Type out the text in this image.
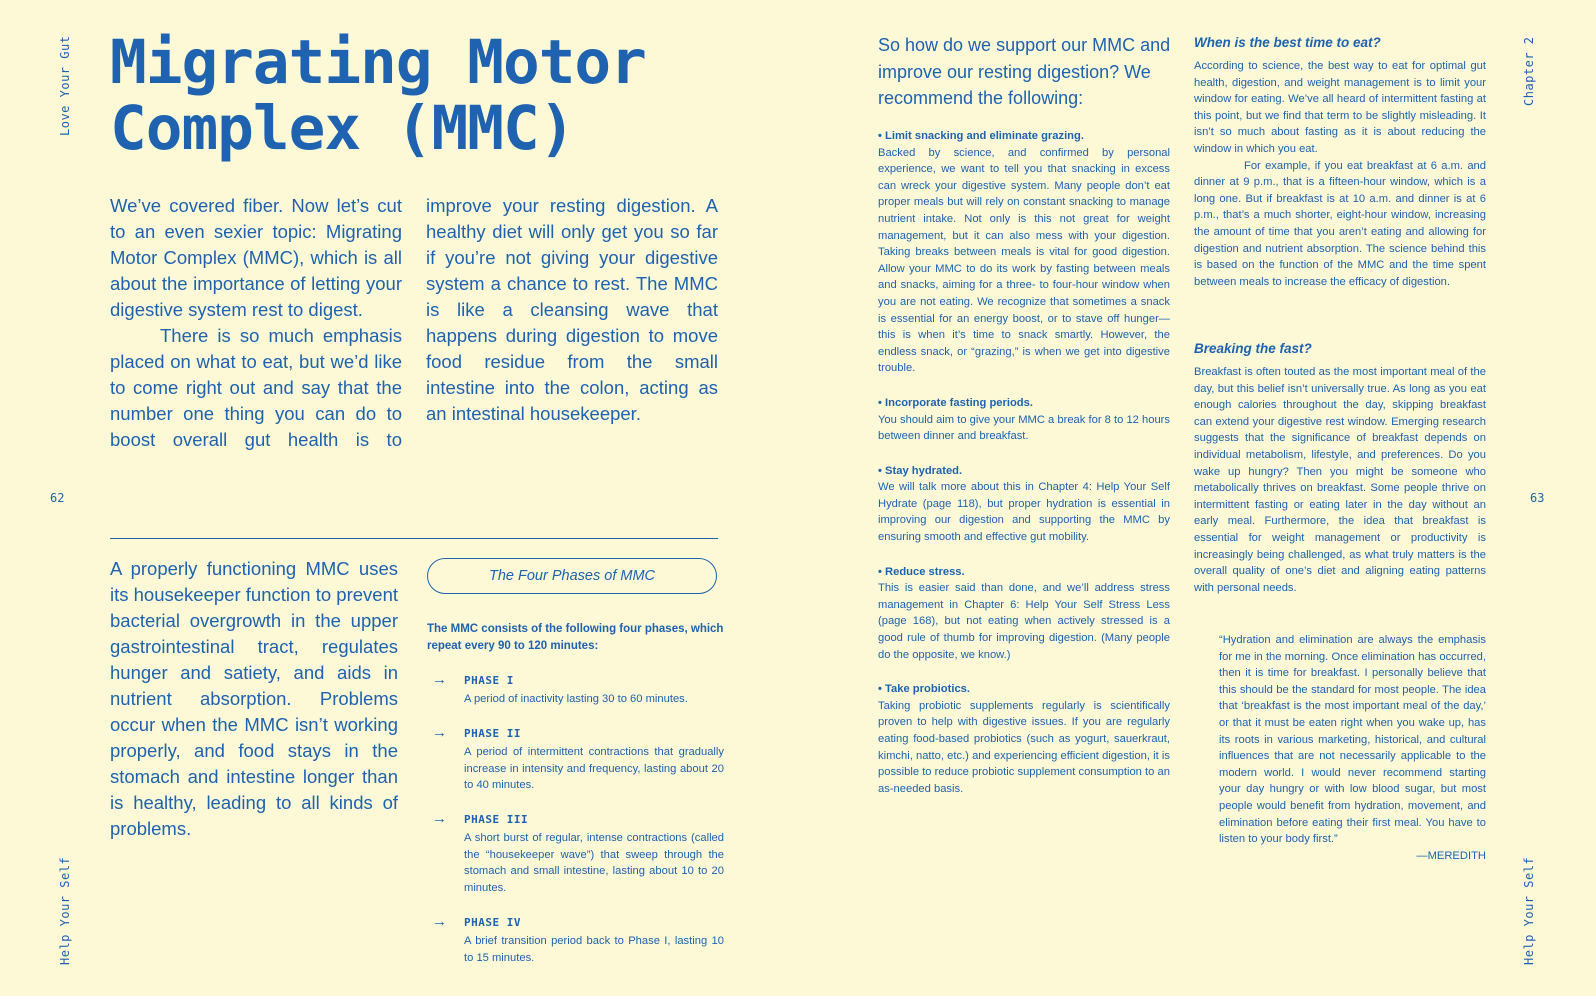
Love Your Gut
Help Your Self
62
Migrating Motor Complex (MMC)

We’ve covered fiber. Now let’s cut to an even sexier topic: Migrating Motor Complex (MMC), which is all about the importance of letting your digestive system rest to digest.

There is so much emphasis placed on what to eat, but we’d like to come right out and say that the number one thing you can do to boost overall gut health is to improve your resting digestion. A healthy diet will only get you so far if you’re not giving your digestive system a chance to rest. The MMC is like a cleansing wave that happens during digestion to move food residue from the small intestine into the colon, acting as an intestinal housekeeper.

A properly functioning MMC uses its housekeeper function to prevent bacterial overgrowth in the upper gastrointestinal tract, regulates hunger and satiety, and aids in nutrient absorption. Problems occur when the MMC isn’t working properly, and food stays in the stomach and intestine longer than is healthy, leading to all kinds of problems.

The Four Phases of MMC

The MMC consists of the following four phases, which repeat every 90 to 120 minutes:

→ PHASE I
A period of inactivity lasting 30 to 60 minutes.
→ PHASE II
A period of intermittent contractions that gradually increase in intensity and frequency, lasting about 20 to 40 minutes.
→ PHASE III
A short burst of regular, intense contractions (called the “housekeeper wave”) that sweep through the stomach and small intestine, lasting about 10 to 20 minutes.
→ PHASE IV
A brief transition period back to Phase I, lasting 10 to 15 minutes.

So how do we support our MMC and improve our resting digestion? We recommend the following:

• Limit snacking and eliminate grazing.
Backed by science, and confirmed by personal experience, we want to tell you that snacking in excess can wreck your digestive system. Many people don’t eat proper meals but will rely on constant snacking to manage nutrient intake. Not only is this not great for weight management, but it can also mess with your digestion. Taking breaks between meals is vital for good digestion. Allow your MMC to do its work by fasting between meals and snacks, aiming for a three- to four-hour window when you are not eating. We recognize that sometimes a snack is essential for an energy boost, or to stave off hunger—this is when it’s time to snack smartly. However, the endless snack, or “grazing,” is when we get into digestive trouble.
• Incorporate fasting periods.
You should aim to give your MMC a break for 8 to 12 hours between dinner and breakfast.
• Stay hydrated.
We will talk more about this in Chapter 4: Help Your Self Hydrate (page 118), but proper hydration is essential in improving our digestion and supporting the MMC by ensuring smooth and effective gut mobility.
• Reduce stress.
This is easier said than done, and we’ll address stress management in Chapter 6: Help Your Self Stress Less (page 168), but not eating when actively stressed is a good rule of thumb for improving digestion. (Many people do the opposite, we know.)
• Take probiotics.
Taking probiotic supplements regularly is scientifically proven to help with digestive issues. If you are regularly eating food-based probiotics (such as yogurt, sauerkraut, kimchi, natto, etc.) and experiencing efficient digestion, it is possible to reduce probiotic supplement consumption to an as-needed basis.

When is the best time to eat?

According to science, the best way to eat for optimal gut health, digestion, and weight management is to limit your window for eating. We’ve all heard of intermittent fasting at this point, but we find that term to be slightly misleading. It isn’t so much about fasting as it is about reducing the window in which you eat.

For example, if you eat breakfast at 6 a.m. and dinner at 9 p.m., that is a fifteen-hour window, which is a long one. But if breakfast is at 10 a.m. and dinner is at 6 p.m., that’s a much shorter, eight-hour window, increasing the amount of time that you aren’t eating and allowing for digestion and nutrient absorption. The science behind this is based on the function of the MMC and the time spent between meals to increase the efficacy of digestion.

Breaking the fast?

Breakfast is often touted as the most important meal of the day, but this belief isn’t universally true. As long as you eat enough calories throughout the day, skipping breakfast can extend your digestive rest window. Emerging research suggests that the significance of breakfast depends on individual metabolism, lifestyle, and preferences. Do you wake up hungry? Then you might be someone who metabolically thrives on breakfast. Some people thrive on intermittent fasting or eating later in the day without an early meal. Furthermore, the idea that breakfast is essential for weight management or productivity is increasingly being challenged, as what truly matters is the overall quality of one’s diet and aligning eating patterns with personal needs.

“Hydration and elimination are always the emphasis for me in the morning. Once elimination has occurred, then it is time for breakfast. I personally believe that this should be the standard for most people. The idea that ‘breakfast is the most important meal of the day,’ or that it must be eaten right when you wake up, has its roots in various marketing, historical, and cultural influences that are not necessarily applicable to the modern world. I would never recommend starting your day hungry or with low blood sugar, but most people would benefit from hydration, movement, and elimination before eating their first meal. You have to listen to your body first.”

—MEREDITH

Chapter 2
Help Your Self
63
